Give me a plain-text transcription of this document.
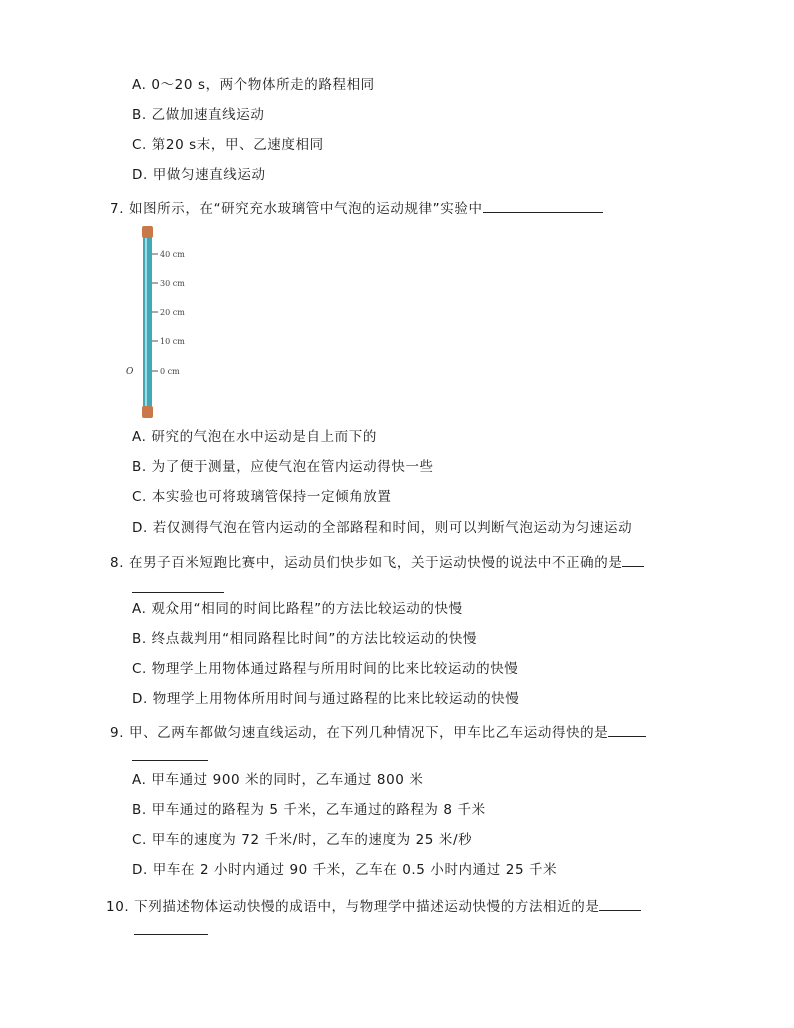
A. 0～20 s，两个物体所走的路程相同
B. 乙做加速直线运动
C. 第20 s末，甲、乙速度相同
D. 甲做匀速直线运动
7. 如图所示，在“研究充水玻璃管中气泡的运动规律”实验中
40 cm
30 cm
20 cm
10 cm
0 cm
O
A. 研究的气泡在水中运动是自上而下的
B. 为了便于测量，应使气泡在管内运动得快一些
C. 本实验也可将玻璃管保持一定倾角放置
D. 若仅测得气泡在管内运动的全部路程和时间，则可以判断气泡运动为匀速运动
8. 在男子百米短跑比赛中，运动员们快步如飞，关于运动快慢的说法中不正确的是
A. 观众用“相同的时间比路程”的方法比较运动的快慢
B. 终点裁判用“相同路程比时间”的方法比较运动的快慢
C. 物理学上用物体通过路程与所用时间的比来比较运动的快慢
D. 物理学上用物体所用时间与通过路程的比来比较运动的快慢
9. 甲、乙两车都做匀速直线运动，在下列几种情况下，甲车比乙车运动得快的是
A. 甲车通过 900 米的同时，乙车通过 800 米
B. 甲车通过的路程为 5 千米，乙车通过的路程为 8 千米
C. 甲车的速度为 72 千米/时，乙车的速度为 25 米/秒
D. 甲车在 2 小时内通过 90 千米，乙车在 0.5 小时内通过 25 千米
10. 下列描述物体运动快慢的成语中，与物理学中描述运动快慢的方法相近的是
